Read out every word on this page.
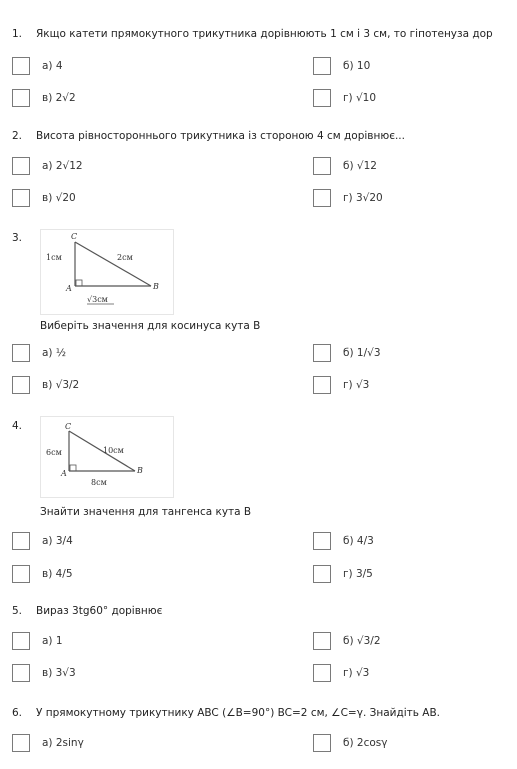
1. Якщо катети прямокутного трикутника дорівнюють 1 см і 3 см, то гіпотенуза дор
а) 4	б) 10
в) 2√2	г) √10
2. Висота рівностороннього трикутника із стороною 4 см дорівнює...
а) 2√12	б) √12
в) √20	г) 3√20
3.	C
A	B
1см	2см
√3см
Виберіть значення для косинуса кута В
а) ½	б) 1/√3
в) √3/2	г) √3
4.	C
A	B
6см	10см
8см
Знайти значення для тангенса кута В
а) 3/4	б) 4/3
в) 4/5	г) 3/5
5. Вираз 3tg60° дорівнює
а) 1	б) √3/2
в) 3√3	г) √3
6. У прямокутному трикутнику ABC (∠B=90°) BC=2 см, ∠C=γ. Знайдіть AB.
а) 2sinγ	б) 2cosγ
